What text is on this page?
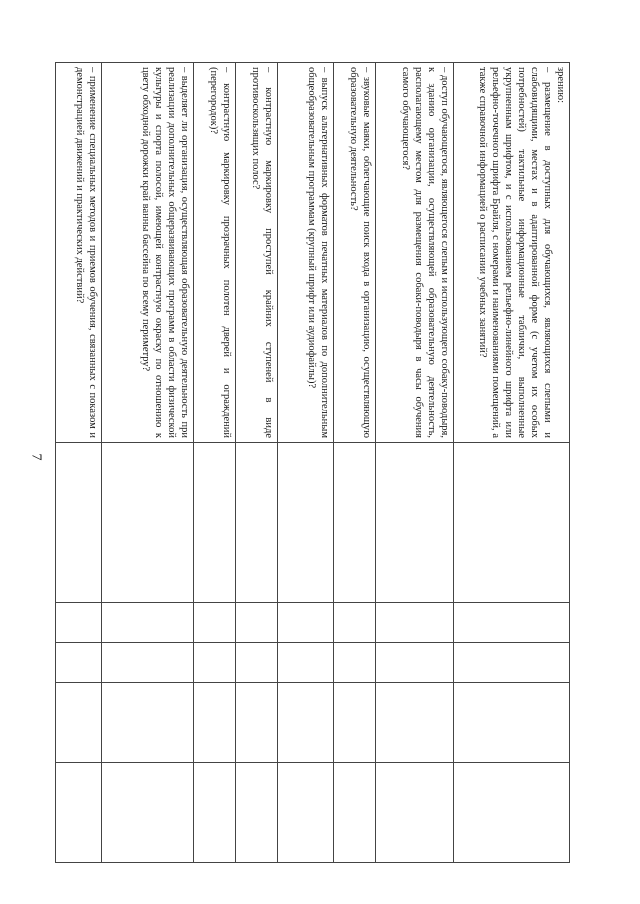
7
зрению:
– размещение в доступных для обучающихся, являющихся слепыми и слабовидящими, местах и в адаптированной форме (с учетом их особых потребностей) тактильные информационные таблички, выполненные укрупненным шрифтом, и с использованием рельефно-линейного шрифта или рельефно-точечного шрифта Брайля, с номерами и наименованиями помещений, а также справочной информацией о расписании учебных занятий?					

– доступ обучающегося, являющегося слепым и использующего собаку-поводыря, к зданию организации, осуществляющей образовательную деятельность, располагающему местом для размещения собаки-поводыря в часы обучения самого обучающегося?					

– звуковые маяки, облегчающие поиск входа в организацию, осуществляющую образовательную деятельность?					

– выпуск альтернативных форматов печатных материалов по дополнительным общеобразовательным программам (крупный шрифт или аудиофайлы)?					

– контрастную маркировку проступей крайних ступеней в виде противоскользящих полос?					

– контрастную маркировку прозрачных полотен дверей и ограждений (перегородок)?					

– выделяет ли организация, осуществляющая образовательную деятельность при реализации дополнительных общеразвивающих программ в области физической культуры и спорта полосой, имеющей контрастную окраску по отношению к цвету обходной дорожки край ванны бассейна по всему периметру?					

– применение специальных методов и приемов обучения, связанных с показом и демонстрацией движений и практических действий?					
